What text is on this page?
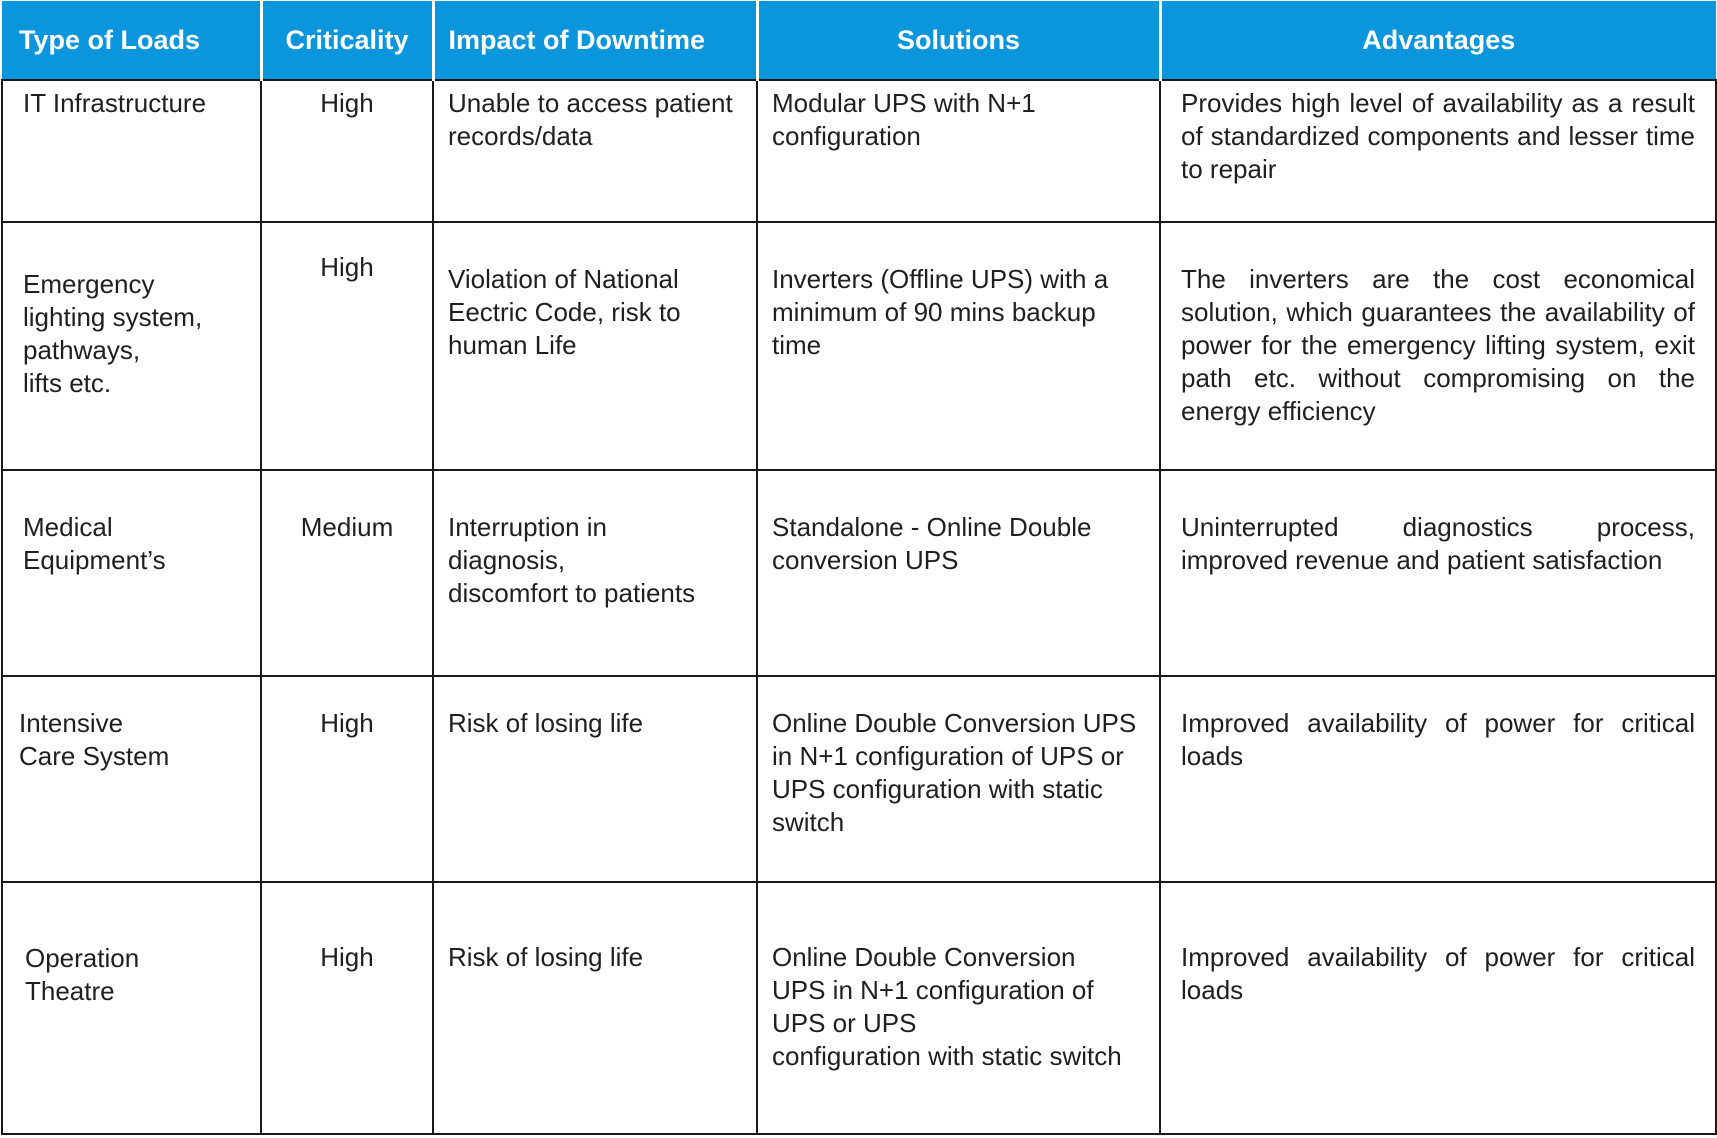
Type of Loads	Criticality	Impact of Downtime	Solutions	Advantages

IT Infrastructure	High	Unable to access patient records/data	Modular UPS with N+1 configuration	Provides high level of availability as a result of standardized components and lesser time to repair

Emergency
lighting system,
pathways,
lifts etc.	High	Violation of National Eectric Code, risk to human Life	Inverters (Offline UPS) with a minimum of 90 mins backup time	The inverters are the cost economical solution, which guarantees the availability of power for the emergency lifting system, exit path etc. without compromising on the energy efficiency

Medical
Equipment’s	Medium	Interruption in
diagnosis,
discomfort to patients	Standalone - Online Double conversion UPS	Uninterrupted diagnostics process, improved revenue and patient satisfaction

Intensive
Care System	High	Risk of losing life	Online Double Conversion UPS in N+1 configuration of UPS or UPS configuration with static switch	Improved availability of power for critical loads

Operation
Theatre	High	Risk of losing life	Online Double Conversion
UPS in N+1 configuration of
UPS or UPS
configuration with static switch	Improved availability of power for critical loads
